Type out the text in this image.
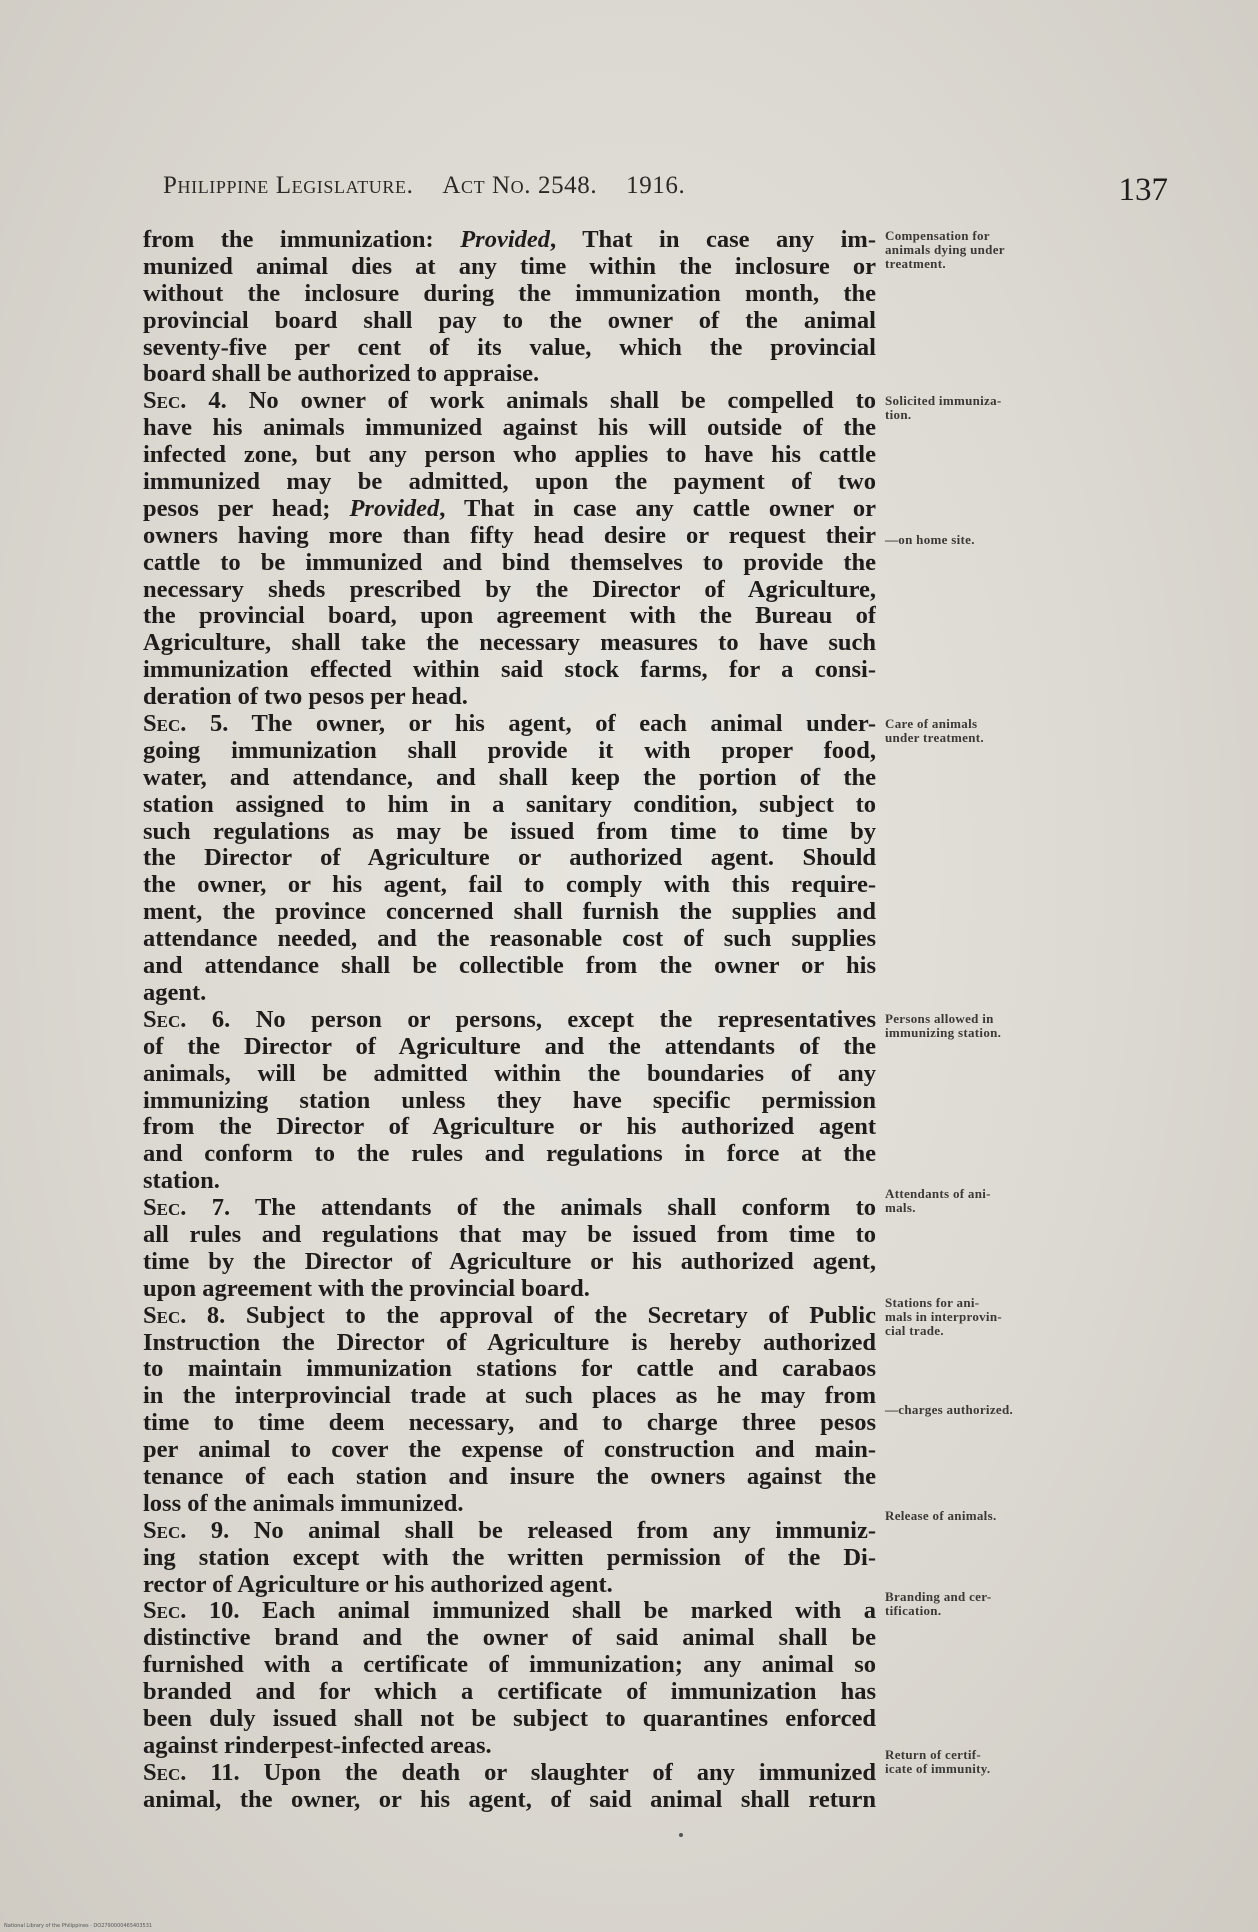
Philippine Legislature. Act No. 2548. 1916.	137
from the immunization: Provided, That in case any im-
munized animal dies at any time within the inclosure or
without the inclosure during the immunization month, the
provincial board shall pay to the owner of the animal
seventy-five per cent of its value, which the provincial
board shall be authorized to appraise.
Sec. 4. No owner of work animals shall be compelled to
have his animals immunized against his will outside of the
infected zone, but any person who applies to have his cattle
immunized may be admitted, upon the payment of two
pesos per head; Provided, That in case any cattle owner or
owners having more than fifty head desire or request their
cattle to be immunized and bind themselves to provide the
necessary sheds prescribed by the Director of Agriculture,
the provincial board, upon agreement with the Bureau of
Agriculture, shall take the necessary measures to have such
immunization effected within said stock farms, for a consi-
deration of two pesos per head.
Sec. 5. The owner, or his agent, of each animal under-
going immunization shall provide it with proper food,
water, and attendance, and shall keep the portion of the
station assigned to him in a sanitary condition, subject to
such regulations as may be issued from time to time by
the Director of Agriculture or authorized agent. Should
the owner, or his agent, fail to comply with this require-
ment, the province concerned shall furnish the supplies and
attendance needed, and the reasonable cost of such supplies
and attendance shall be collectible from the owner or his
agent.
Sec. 6. No person or persons, except the representatives
of the Director of Agriculture and the attendants of the
animals, will be admitted within the boundaries of any
immunizing station unless they have specific permission
from the Director of Agriculture or his authorized agent
and conform to the rules and regulations in force at the
station.
Sec. 7. The attendants of the animals shall conform to
all rules and regulations that may be issued from time to
time by the Director of Agriculture or his authorized agent,
upon agreement with the provincial board.
Sec. 8. Subject to the approval of the Secretary of Public
Instruction the Director of Agriculture is hereby authorized
to maintain immunization stations for cattle and carabaos
in the interprovincial trade at such places as he may from
time to time deem necessary, and to charge three pesos
per animal to cover the expense of construction and main-
tenance of each station and insure the owners against the
loss of the animals immunized.
Sec. 9. No animal shall be released from any immuniz-
ing station except with the written permission of the Di-
rector of Agriculture or his authorized agent.
Sec. 10. Each animal immunized shall be marked with a
distinctive brand and the owner of said animal shall be
furnished with a certificate of immunization; any animal so
branded and for which a certificate of immunization has
been duly issued shall not be subject to quarantines enforced
against rinderpest-infected areas.
Sec. 11. Upon the death or slaughter of any immunized
animal, the owner, or his agent, of said animal shall return
Compensation for
animals dying under
treatment.
Solicited immuniza-
tion.
—on home site.
Care of animals
under treatment.
Persons allowed in
immunizing station.
Attendants of ani-
mals.
Stations for ani-
mals in interprovin-
cial trade.
—charges authorized.
Release of animals.
Branding and cer-
tification.
Return of certif-
icate of immunity.
National Library of the Philippines · DO2790000465403531
